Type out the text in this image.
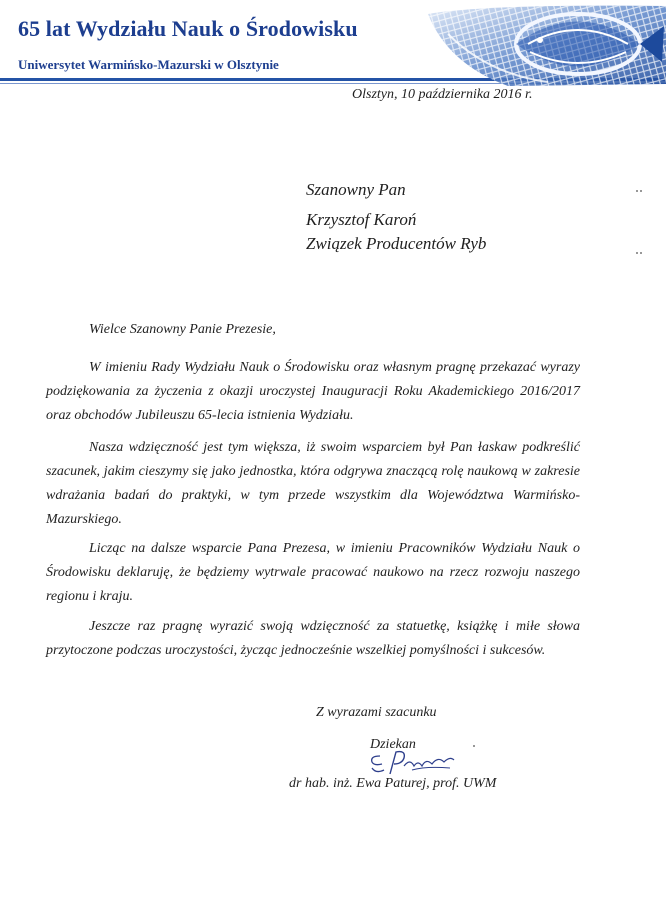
65 lat Wydziału Nauk o Środowisku
Uniwersytet Warmińsko-Mazurski w Olsztynie
Olsztyn, 10 października 2016 r.
Szanowny Pan
Krzysztof Karoń
Związek Producentów Ryb
Wielce Szanowny Panie Prezesie,

W imieniu Rady Wydziału Nauk o Środowisku oraz własnym pragnę przekazać wyrazy podziękowania za życzenia z okazji uroczystej Inauguracji Roku Akademickiego 2016/2017 oraz obchodów Jubileuszu 65-lecia istnienia Wydziału.

Nasza wdzięczność jest tym większa, iż swoim wsparciem był Pan łaskaw podkreślić szacunek, jakim cieszymy się jako jednostka, która odgrywa znaczącą rolę naukową w zakresie wdrażania badań do praktyki, w tym przede wszystkim dla Województwa Warmińsko-Mazurskiego.

Licząc na dalsze wsparcie Pana Prezesa, w imieniu Pracowników Wydziału Nauk o Środowisku deklaruję, że będziemy wytrwale pracować naukowo na rzecz rozwoju naszego regionu i kraju.

Jeszcze raz pragnę wyrazić swoją wdzięczność za statuetkę, książkę i miłe słowa przytoczone podczas uroczystości, życząc jednocześnie wszelkiej pomyślności i sukcesów.

Z wyrazami szacunku
Dziekan
dr hab. inż. Ewa Paturej, prof. UWM
